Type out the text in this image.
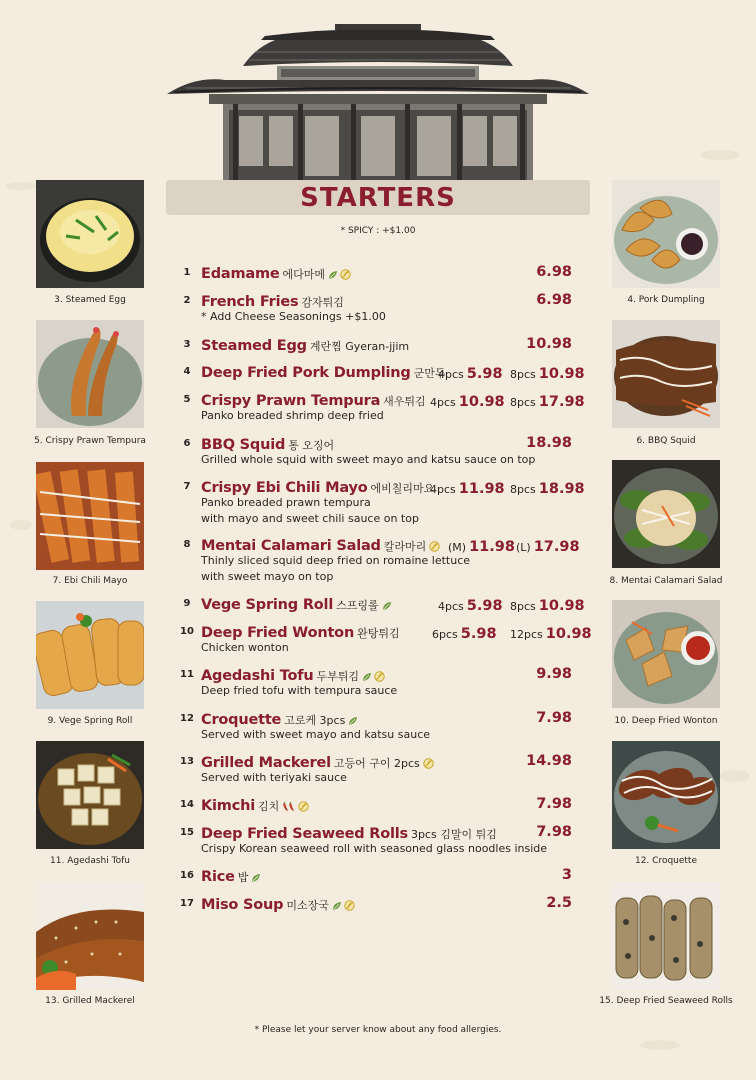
STARTERS
* SPICY : +$1.00
3. Steamed Egg
5. Crispy Prawn Tempura
7. Ebi Chili Mayo
9. Vege Spring Roll
11. Agedashi Tofu
13. Grilled Mackerel
4. Pork Dumpling
6. BBQ Squid
8. Mentai Calamari Salad
10. Deep Fried Wonton
12. Croquette
15. Deep Fried Seaweed Rolls
1 Edamame 에다마메	6.98
2 French Fries 감자튀김	6.98
* Add Cheese Seasonings +$1.00
3 Steamed Egg 계란찜 Gyeran-jjim	10.98
4 Deep Fried Pork Dumpling 군만두
4pcs 5.98 8pcs 10.98
5 Crispy Prawn Tempura 새우튀김 4pcs 10.98 8pcs 17.98
Panko breaded shrimp deep fried
6 BBQ Squid 통 오징어	18.98
Grilled whole squid with sweet mayo and katsu sauce on top
7 Crispy Ebi Chili Mayo 에비칠리마요
4pcs 11.98 8pcs 18.98
Panko breaded prawn tempura
with mayo and sweet chili sauce on top
8 Mentai Calamari Salad 칼라마리	(M) 11.98 (L) 17.98
Thinly sliced squid deep fried on romaine lettuce
with sweet mayo on top
9 Vege Spring Roll 스프링롤	4pcs 5.98 8pcs 10.98
10 Deep Fried Wonton 완탕튀김	6pcs 5.98 12pcs 10.98
Chicken wonton
11 Agedashi Tofu 두부튀김	9.98
Deep fried tofu with tempura sauce
12 Croquette 고로케 3pcs	7.98
Served with sweet mayo and katsu sauce
13 Grilled Mackerel 고등어 구이 2pcs	14.98
Served with teriyaki sauce
14 Kimchi 김치	7.98
15 Deep Fried Seaweed Rolls 3pcs 김말이 튀김	7.98
Crispy Korean seaweed roll with seasoned glass noodles inside
16 Rice 밥	3
17 Miso Soup 미소장국	2.5
* Please let your server know about any food allergies.
